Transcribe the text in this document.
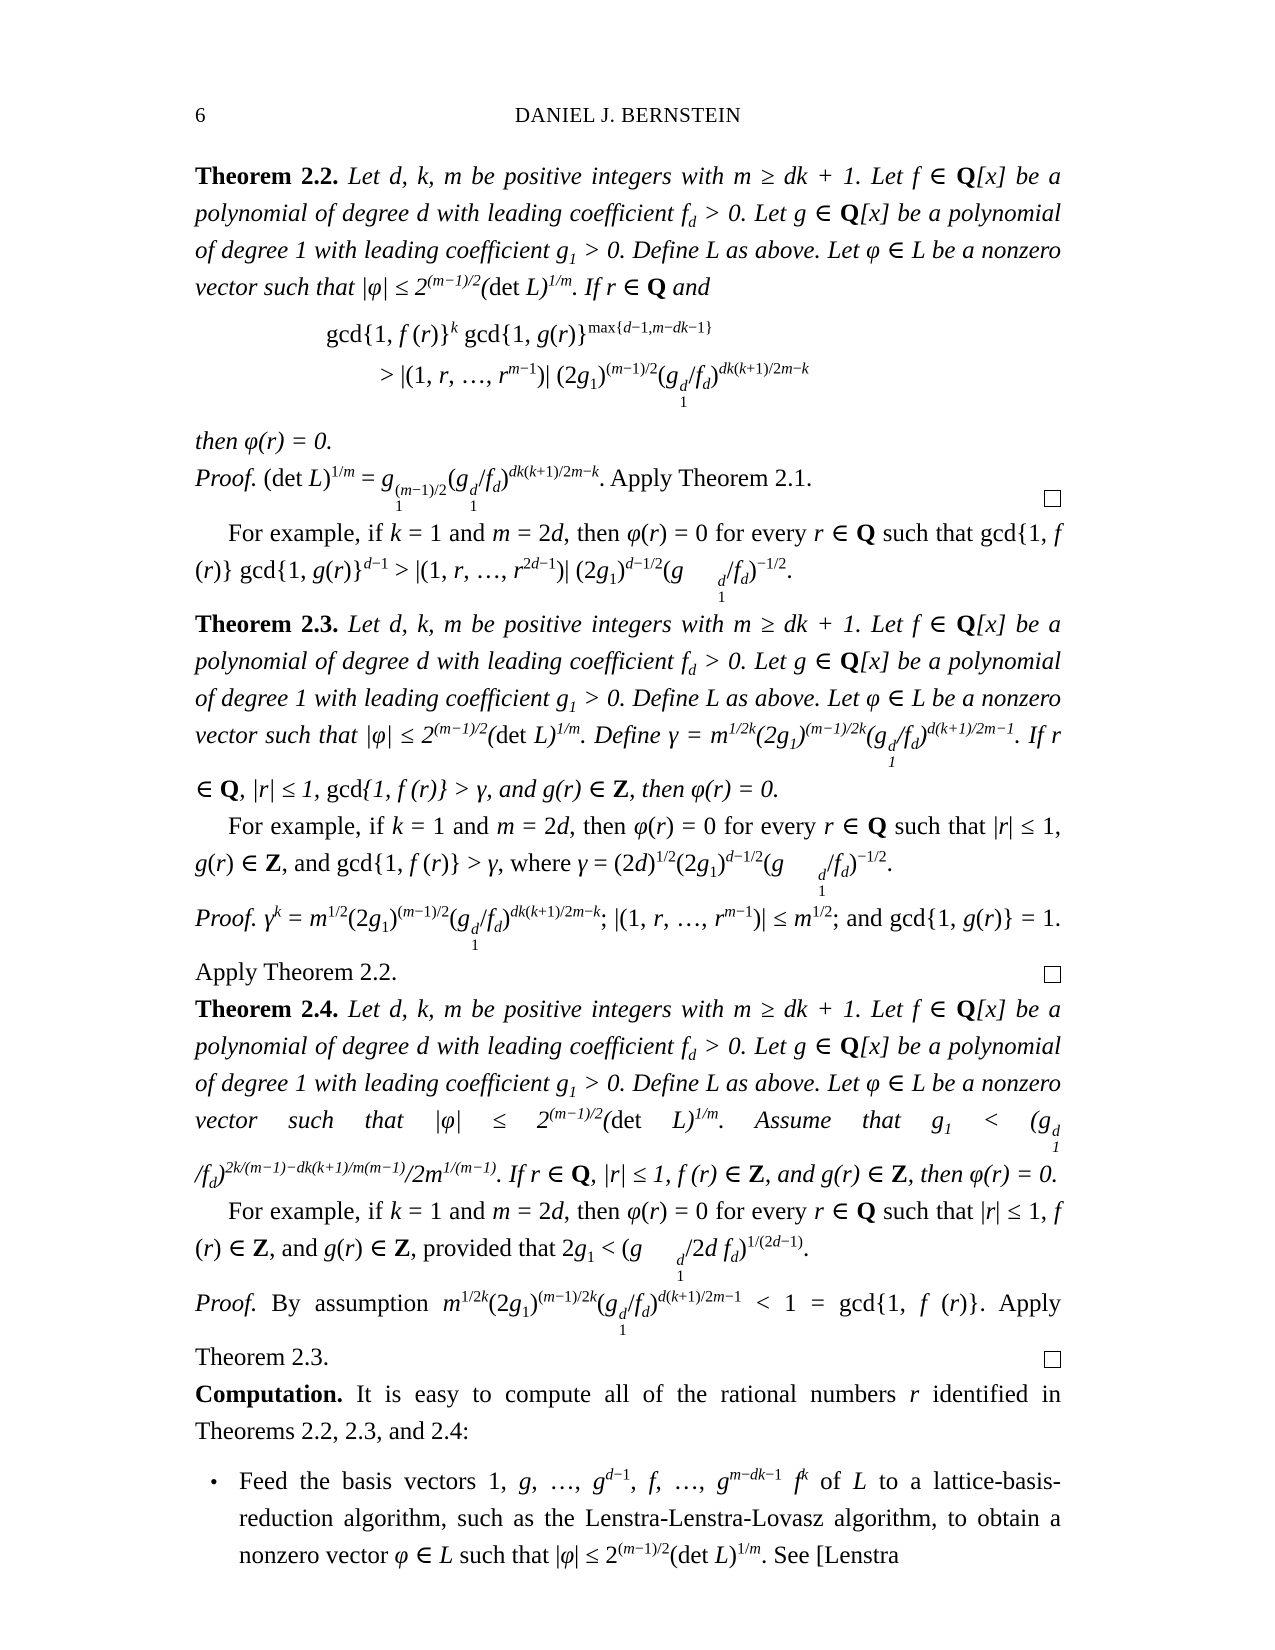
6	DANIEL J. BERNSTEIN

Theorem 2.2. Let d, k, m be positive integers with m ≥ dk + 1. Let f ∈ Q[x] be a polynomial of degree d with leading coefficient $f_d > 0$. Let g ∈ Q[x] be a polynomial of degree 1 with leading coefficient $g_1 > 0$. Define L as above. Let φ ∈ L be a nonzero vector such that $|\varphi| \le 2^{(m-1)/2}(\det$ L)$^{1/m}$. If r ∈ Q and

gcd{1, f (r)}$^k$ gcd{1, g(r)}$^{max\{d-1,m-dk-1\}}$
> |(1, r, …, $r^{m-1})|$ $(2g_1)^{(m-1)/2}(g$ d
1
$/f_d)^{dk(k+1)/2m-k}$

then φ(r) = 0.

Proof. (det L)$^{1/m}$ = g (m−1)/2
1
(g d
1
$/f_d)^{dk(k+1)/2m-k}$. Apply Theorem 2.1.

For example, if k = 1 and m = 2d, then φ(r) = 0 for every r ∈ Q such that gcd{1, f (r)} gcd{1, g(r)}$^{d-1}$ > |(1, r, …, $r^{2d-1})|$ $(2g_1)^{d-1/2}(g$	d
1
$/f_d)^{-1/2}$.

Theorem 2.3. Let d, k, m be positive integers with m ≥ dk + 1. Let f ∈ Q[x] be a polynomial of degree d with leading coefficient $f_d > 0$. Let g ∈ Q[x] be a polynomial of degree 1 with leading coefficient $g_1 > 0$. Define L as above. Let φ ∈ L be a nonzero vector such that $|\varphi| \le 2^{(m-1)/2}(\det$ L)$^{1/m}$. Define $\gamma = m^{1/2k}(2g_1)^{(m-1)/2k}(g$ d
1
$/f_d)^{d(k+1)/2m-1}$. If r ∈ Q, |r| ≤ 1, gcd{1, f (r)} > γ, and g(r) ∈ Z, then φ(r) = 0.

For example, if k = 1 and m = 2d, then φ(r) = 0 for every r ∈ Q such that |r| ≤ 1, g(r) ∈ Z, and gcd{1, f (r)} > γ, where $\gamma = (2d)^{1/2}(2g_1)^{d-1/2}(g$	d
1
$/f_d)^{-1/2}$.

Proof. $\gamma^k = m^{1/2}(2g_1)^{(m-1)/2}(g$ d
1
$/f_d)^{dk(k+1)/2m-k}$; |(1, r, …, $r^{m-1})| \le m^{1/2}$; and gcd{1, g(r)} = 1. Apply Theorem 2.2.

Theorem 2.4. Let d, k, m be positive integers with m ≥ dk + 1. Let f ∈ Q[x] be a polynomial of degree d with leading coefficient $f_d > 0$. Let g ∈ Q[x] be a polynomial of degree 1 with leading coefficient $g_1 > 0$. Define L as above. Let φ ∈ L be a nonzero vector such that $|\varphi| \le 2^{(m-1)/2}(\det$ L)$^{1/m}$. Assume that $g_1 < (g$ d
1
$/f_d)^{2k/(m-1)-dk(k+1)/m(m-1)}/2m^{1/(m-1)}$. If r ∈ Q, |r| ≤ 1, f (r) ∈ Z, and g(r) ∈ Z, then φ(r) = 0.

For example, if k = 1 and m = 2d, then φ(r) = 0 for every r ∈ Q such that |r| ≤ 1, f (r) ∈ Z, and g(r) ∈ Z, provided that $2g_1 < (g$	d
1
/2d $f_d)^{1/(2d-1)}$.

Proof. By assumption $m^{1/2k}(2g_1)^{(m-1)/2k}(g$ d
1
$/f_d)^{d(k+1)/2m-1} < 1 = \gcd\{1$, f (r)}. Apply Theorem 2.3.

Computation. It is easy to compute all of the rational numbers r identified in Theorems 2.2, 2.3, and 2.4:

• Feed the basis vectors 1, g, …, $g^{d-1}$, f, …, $g^{m-dk-1}$ $f^k$ of L to a lattice-basis-reduction algorithm, such as the Lenstra-Lenstra-Lovasz algorithm, to obtain a nonzero vector φ ∈ L such that $|\varphi| \le 2^{(m-1)/2}(\det$ L)$^{1/m}$. See [Lenstra
